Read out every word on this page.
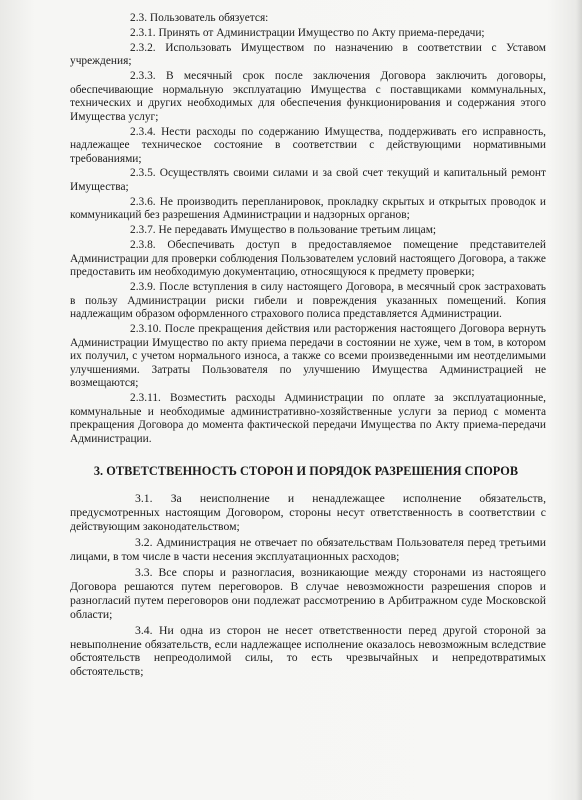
2.3. Пользователь обязуется:

2.3.1. Принять от Администрации Имущество по Акту приема-передачи;

2.3.2. Использовать Имуществом по назначению в соответствии с Уставом учреждения;

2.3.3. В месячный срок после заключения Договора заключить договоры, обеспечивающие нормальную эксплуатацию Имущества с поставщиками коммунальных, технических и других необходимых для обеспечения функционирования и содержания этого Имущества услуг;

2.3.4. Нести расходы по содержанию Имущества, поддерживать его исправность, надлежащее техническое состояние в соответствии с действующими нормативными требованиями;

2.3.5. Осуществлять своими силами и за свой счет текущий и капитальный ремонт Имущества;

2.3.6. Не производить перепланировок, прокладку скрытых и открытых проводок и коммуникаций без разрешения Администрации и надзорных органов;

2.3.7. Не передавать Имущество в пользование третьим лицам;

2.3.8. Обеспечивать доступ в предоставляемое помещение представителей Администрации для проверки соблюдения Пользователем условий настоящего Договора, а также предоставить им необходимую документацию, относящуюся к предмету проверки;

2.3.9. После вступления в силу настоящего Договора, в месячный срок застраховать в пользу Администрации риски гибели и повреждения указанных помещений. Копия надлежащим образом оформленного страхового полиса представляется Администрации.

2.3.10. После прекращения действия или расторжения настоящего Договора вернуть Администрации Имущество по акту приема передачи в состоянии не хуже, чем в том, в котором их получил, с учетом нормального износа, а также со всеми произведенными им неотделимыми улучшениями. Затраты Пользователя по улучшению Имущества Администрацией не возмещаются;

2.3.11. Возместить расходы Администрации по оплате за эксплуатационные, коммунальные и необходимые административно-хозяйственные услуги за период с момента прекращения Договора до момента фактической передачи Имущества по Акту приема-передачи Администрации.

3. ОТВЕТСТВЕННОСТЬ СТОРОН И ПОРЯДОК РАЗРЕШЕНИЯ СПОРОВ

3.1. За неисполнение и ненадлежащее исполнение обязательств, предусмотренных настоящим Договором, стороны несут ответственность в соответствии с действующим законодательством;

3.2. Администрация не отвечает по обязательствам Пользователя перед третьими лицами, в том числе в части несения эксплуатационных расходов;

3.3. Все споры и разногласия, возникающие между сторонами из настоящего Договора решаются путем переговоров. В случае невозможности разрешения споров и разногласий путем переговоров они подлежат рассмотрению в Арбитражном суде Московской области;

3.4. Ни одна из сторон не несет ответственности перед другой стороной за невыполнение обязательств, если надлежащее исполнение оказалось невозможным вследствие обстоятельств непреодолимой силы, то есть чрезвычайных и непредотвратимых обстоятельств;
